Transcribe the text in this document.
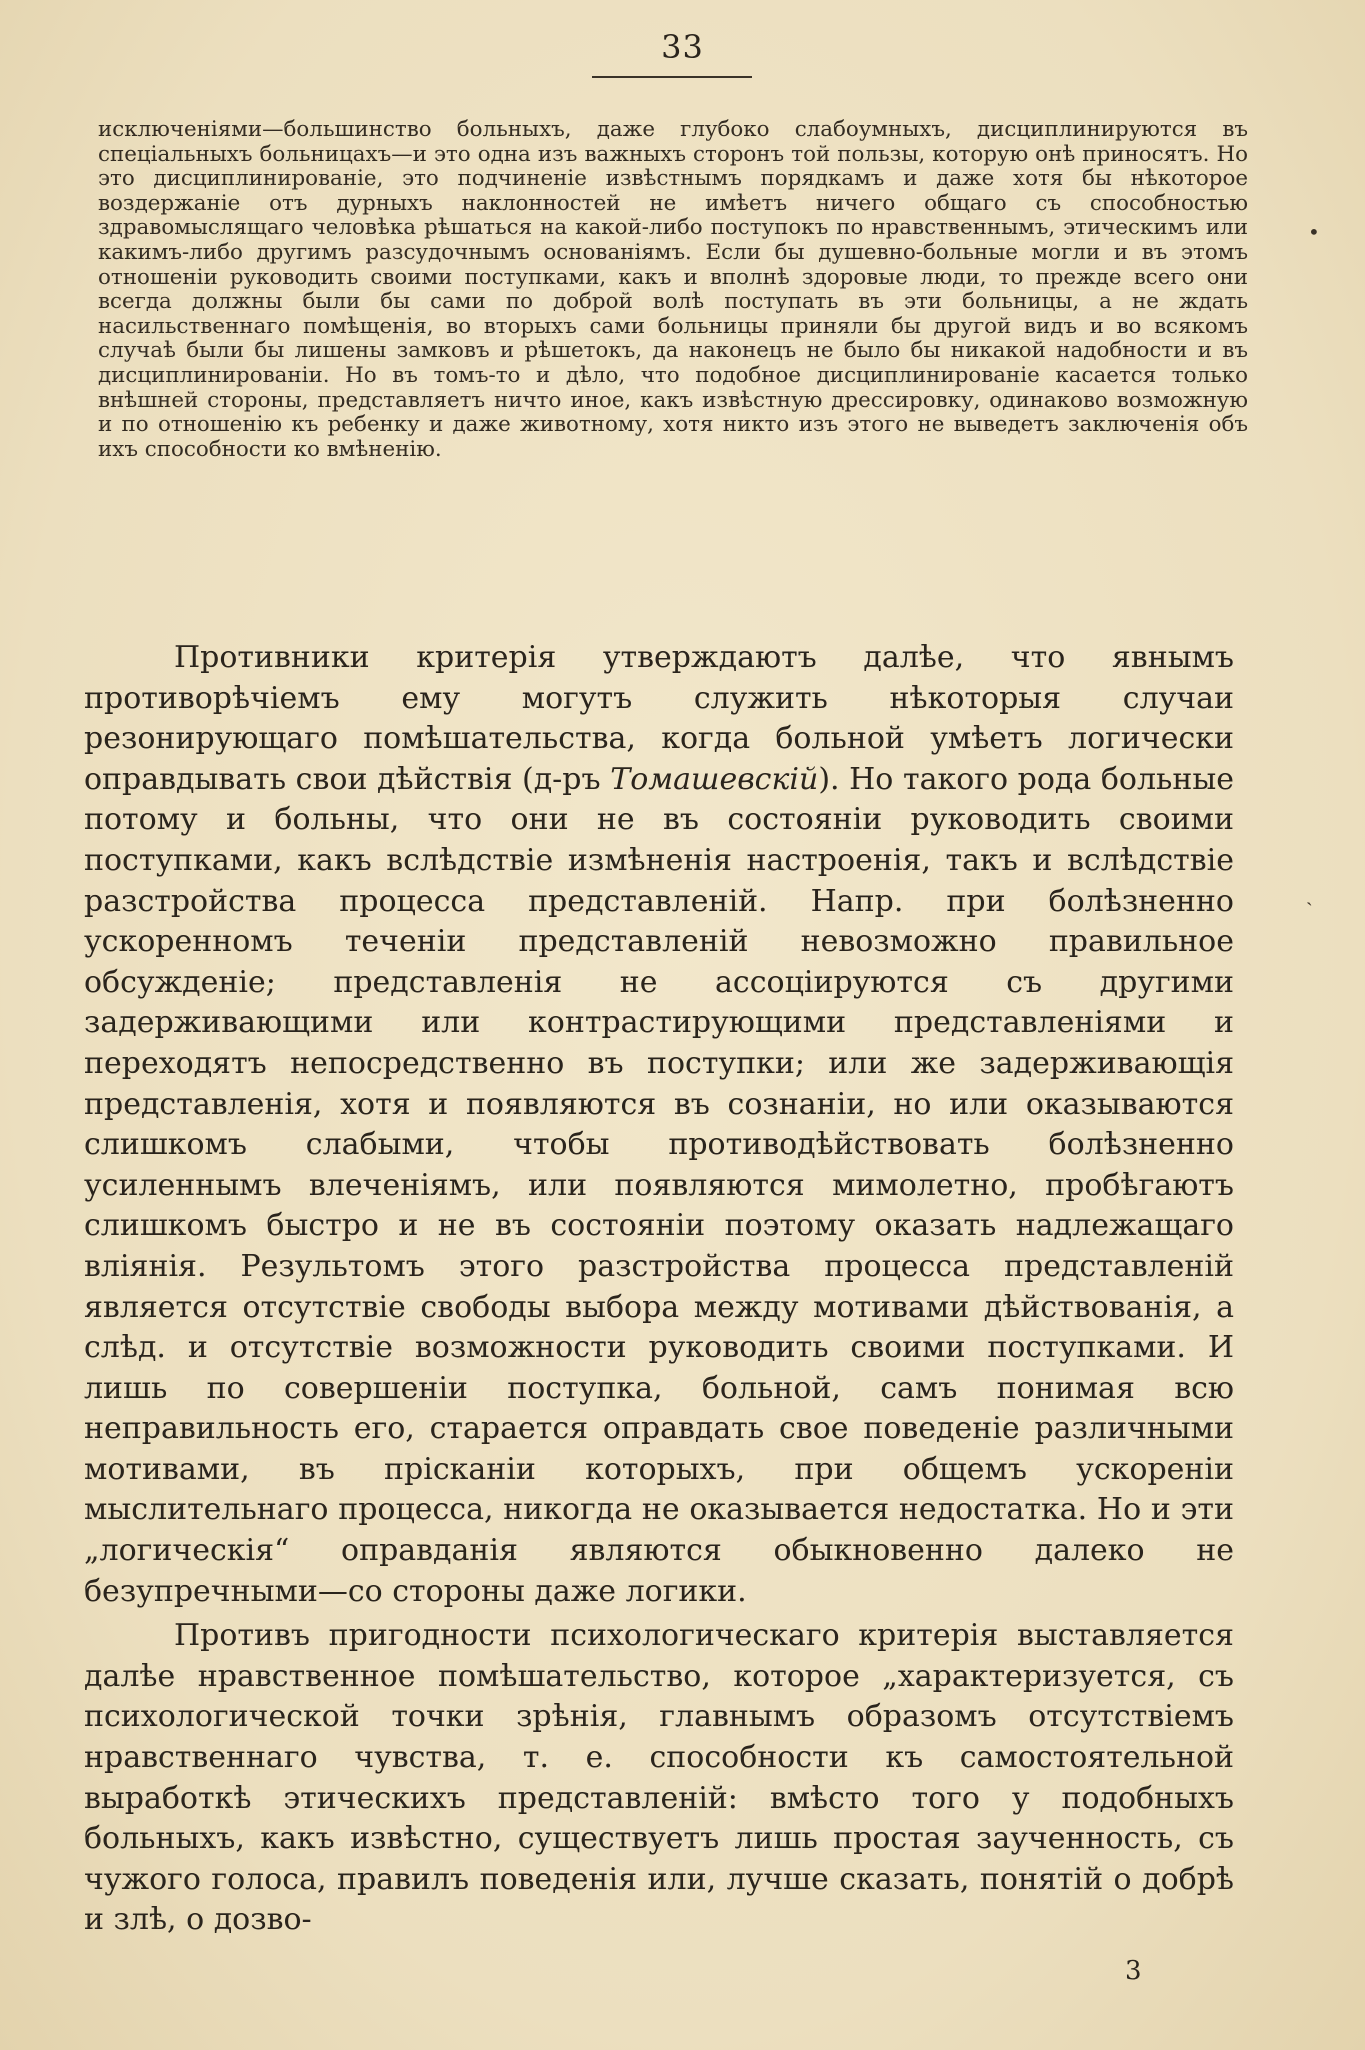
33
исключеніями—большинство больныхъ, даже глубоко слабоумныхъ, дисциплинируются въ спеціальныхъ больницахъ—и это одна изъ важныхъ сторонъ той пользы, которую онѣ приносятъ. Но это дисциплинированіе, это подчиненіе извѣстнымъ порядкамъ и даже хотя бы нѣкоторое воздержаніе отъ дурныхъ наклонностей не имѣетъ ничего общаго съ способностью здравомыслящаго человѣка рѣшаться на какой-либо поступокъ по нравственнымъ, этическимъ или какимъ-либо другимъ разсудочнымъ основаніямъ. Если бы душевно-больные могли и въ этомъ отношеніи руководить своими поступками, какъ и вполнѣ здоровые люди, то прежде всего они всегда должны были бы сами по доброй волѣ поступать въ эти больницы, а не ждать насильственнаго помѣщенія, во вторыхъ сами больницы приняли бы другой видъ и во всякомъ случаѣ были бы лишены замковъ и рѣшетокъ, да наконецъ не было бы никакой надобности и въ дисциплинированіи. Но въ томъ-то и дѣло, что подобное дисциплинированіе касается только внѣшней стороны, представляетъ ничто иное, какъ извѣстную дрессировку, одинаково возможную и по отношенію къ ребенку и даже животному, хотя никто изъ этого не выведетъ заключенія объ ихъ способности ко вмѣненію.

Противники критерія утверждаютъ далѣе, что явнымъ противорѣчіемъ ему могутъ служить нѣкоторыя случаи резонирующаго помѣшательства, когда больной умѣетъ логически оправдывать свои дѣйствія (д-ръ Томашевскій). Но такого рода больные потому и больны, что они не въ состояніи руководить своими поступками, какъ вслѣдствіе измѣненія настроенія, такъ и вслѣдствіе разстройства процесса представленій. Напр. при болѣзненно ускоренномъ теченіи представленій невозможно правильное обсужденіе; представленія не ассоціируются съ другими задерживающими или контрастирующими представленіями и переходятъ непосредственно въ поступки; или же задерживающія представленія, хотя и появляются въ сознаніи, но или оказываются слишкомъ слабыми, чтобы противодѣйствовать болѣзненно усиленнымъ влеченіямъ, или появляются мимолетно, пробѣгаютъ слишкомъ быстро и не въ состояніи поэтому оказать надлежащаго вліянія. Результомъ этого разстройства процесса представленій является отсутствіе свободы выбора между мотивами дѣйствованія, а слѣд. и отсутствіе возможности руководить своими поступками. И лишь по совершеніи поступка, больной, самъ понимая всю неправильность его, старается оправдать свое поведеніе различными мотивами, въ прісканіи которыхъ, при общемъ ускореніи мыслительнаго процесса, никогда не оказывается недостатка. Но и эти „логическія“ оправданія являются обыкновенно далеко не безупречными—со стороны даже логики.

Противъ пригодности психологическаго критерія выставляется далѣе нравственное помѣшательство, которое „характеризуется, съ психологической точки зрѣнія, главнымъ образомъ отсутствіемъ нравственнаго чувства, т. е. способности къ самостоятельной выработкѣ этическихъ представленій: вмѣсто того у подобныхъ больныхъ, какъ извѣстно, существуетъ лишь простая заученность, съ чужого голоса, правилъ поведенія или, лучше сказать, понятій о добрѣ и злѣ, о дозво-

3
•
ˎ
